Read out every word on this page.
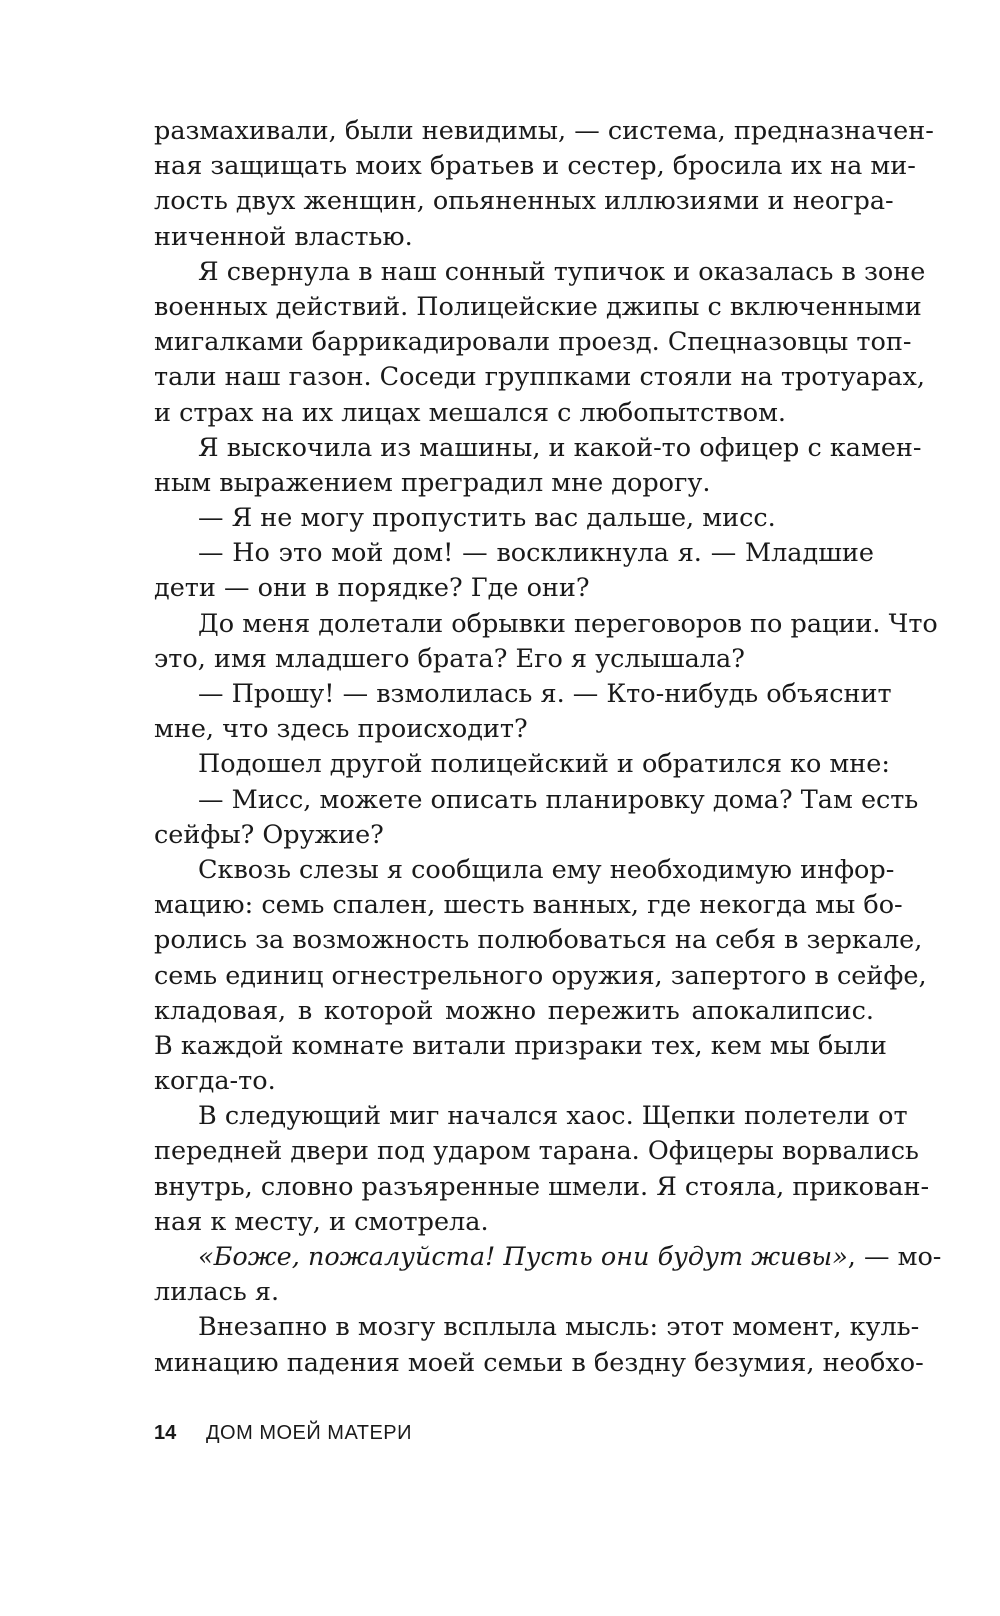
размахивали, были невидимы, — система, предназначен-
ная защищать моих братьев и сестер, бросила их на ми-
лость двух женщин, опьяненных иллюзиями и неогра-
ниченной властью.
Я свернула в наш сонный тупичок и оказалась в зоне
военных действий. Полицейские джипы с включенными
мигалками баррикадировали проезд. Спецназовцы топ-
тали наш газон. Соседи группками стояли на тротуарах,
и страх на их лицах мешался с любопытством.
Я выскочила из машины, и какой-то офицер с камен-
ным выражением преградил мне дорогу.
— Я не могу пропустить вас дальше, мисс.
— Но это мой дом! — воскликнула я. — Младшие
дети — они в порядке? Где они?
До меня долетали обрывки переговоров по рации. Что
это, имя младшего брата? Его я услышала?
— Прошу! — взмолилась я. — Кто-нибудь объяснит
мне, что здесь происходит?
Подошел другой полицейский и обратился ко мне:
— Мисс, можете описать планировку дома? Там есть
сейфы? Оружие?
Сквозь слезы я сообщила ему необходимую инфор-
мацию: семь спален, шесть ванных, где некогда мы бо-
ролись за возможность полюбоваться на себя в зеркале,
семь единиц огнестрельного оружия, запертого в сейфе,
кладовая, в которой можно пережить апокалипсис.
В каждой комнате витали призраки тех, кем мы были
когда-то.
В следующий миг начался хаос. Щепки полетели от
передней двери под ударом тарана. Офицеры ворвались
внутрь, словно разъяренные шмели. Я стояла, прикован-
ная к месту, и смотрела.
«Боже, пожалуйста! Пусть они будут живы», — мо-
лилась я.
Внезапно в мозгу всплыла мысль: этот момент, куль-
минацию падения моей семьи в бездну безумия, необхо-
14	ДОМ МОЕЙ МАТЕРИ
